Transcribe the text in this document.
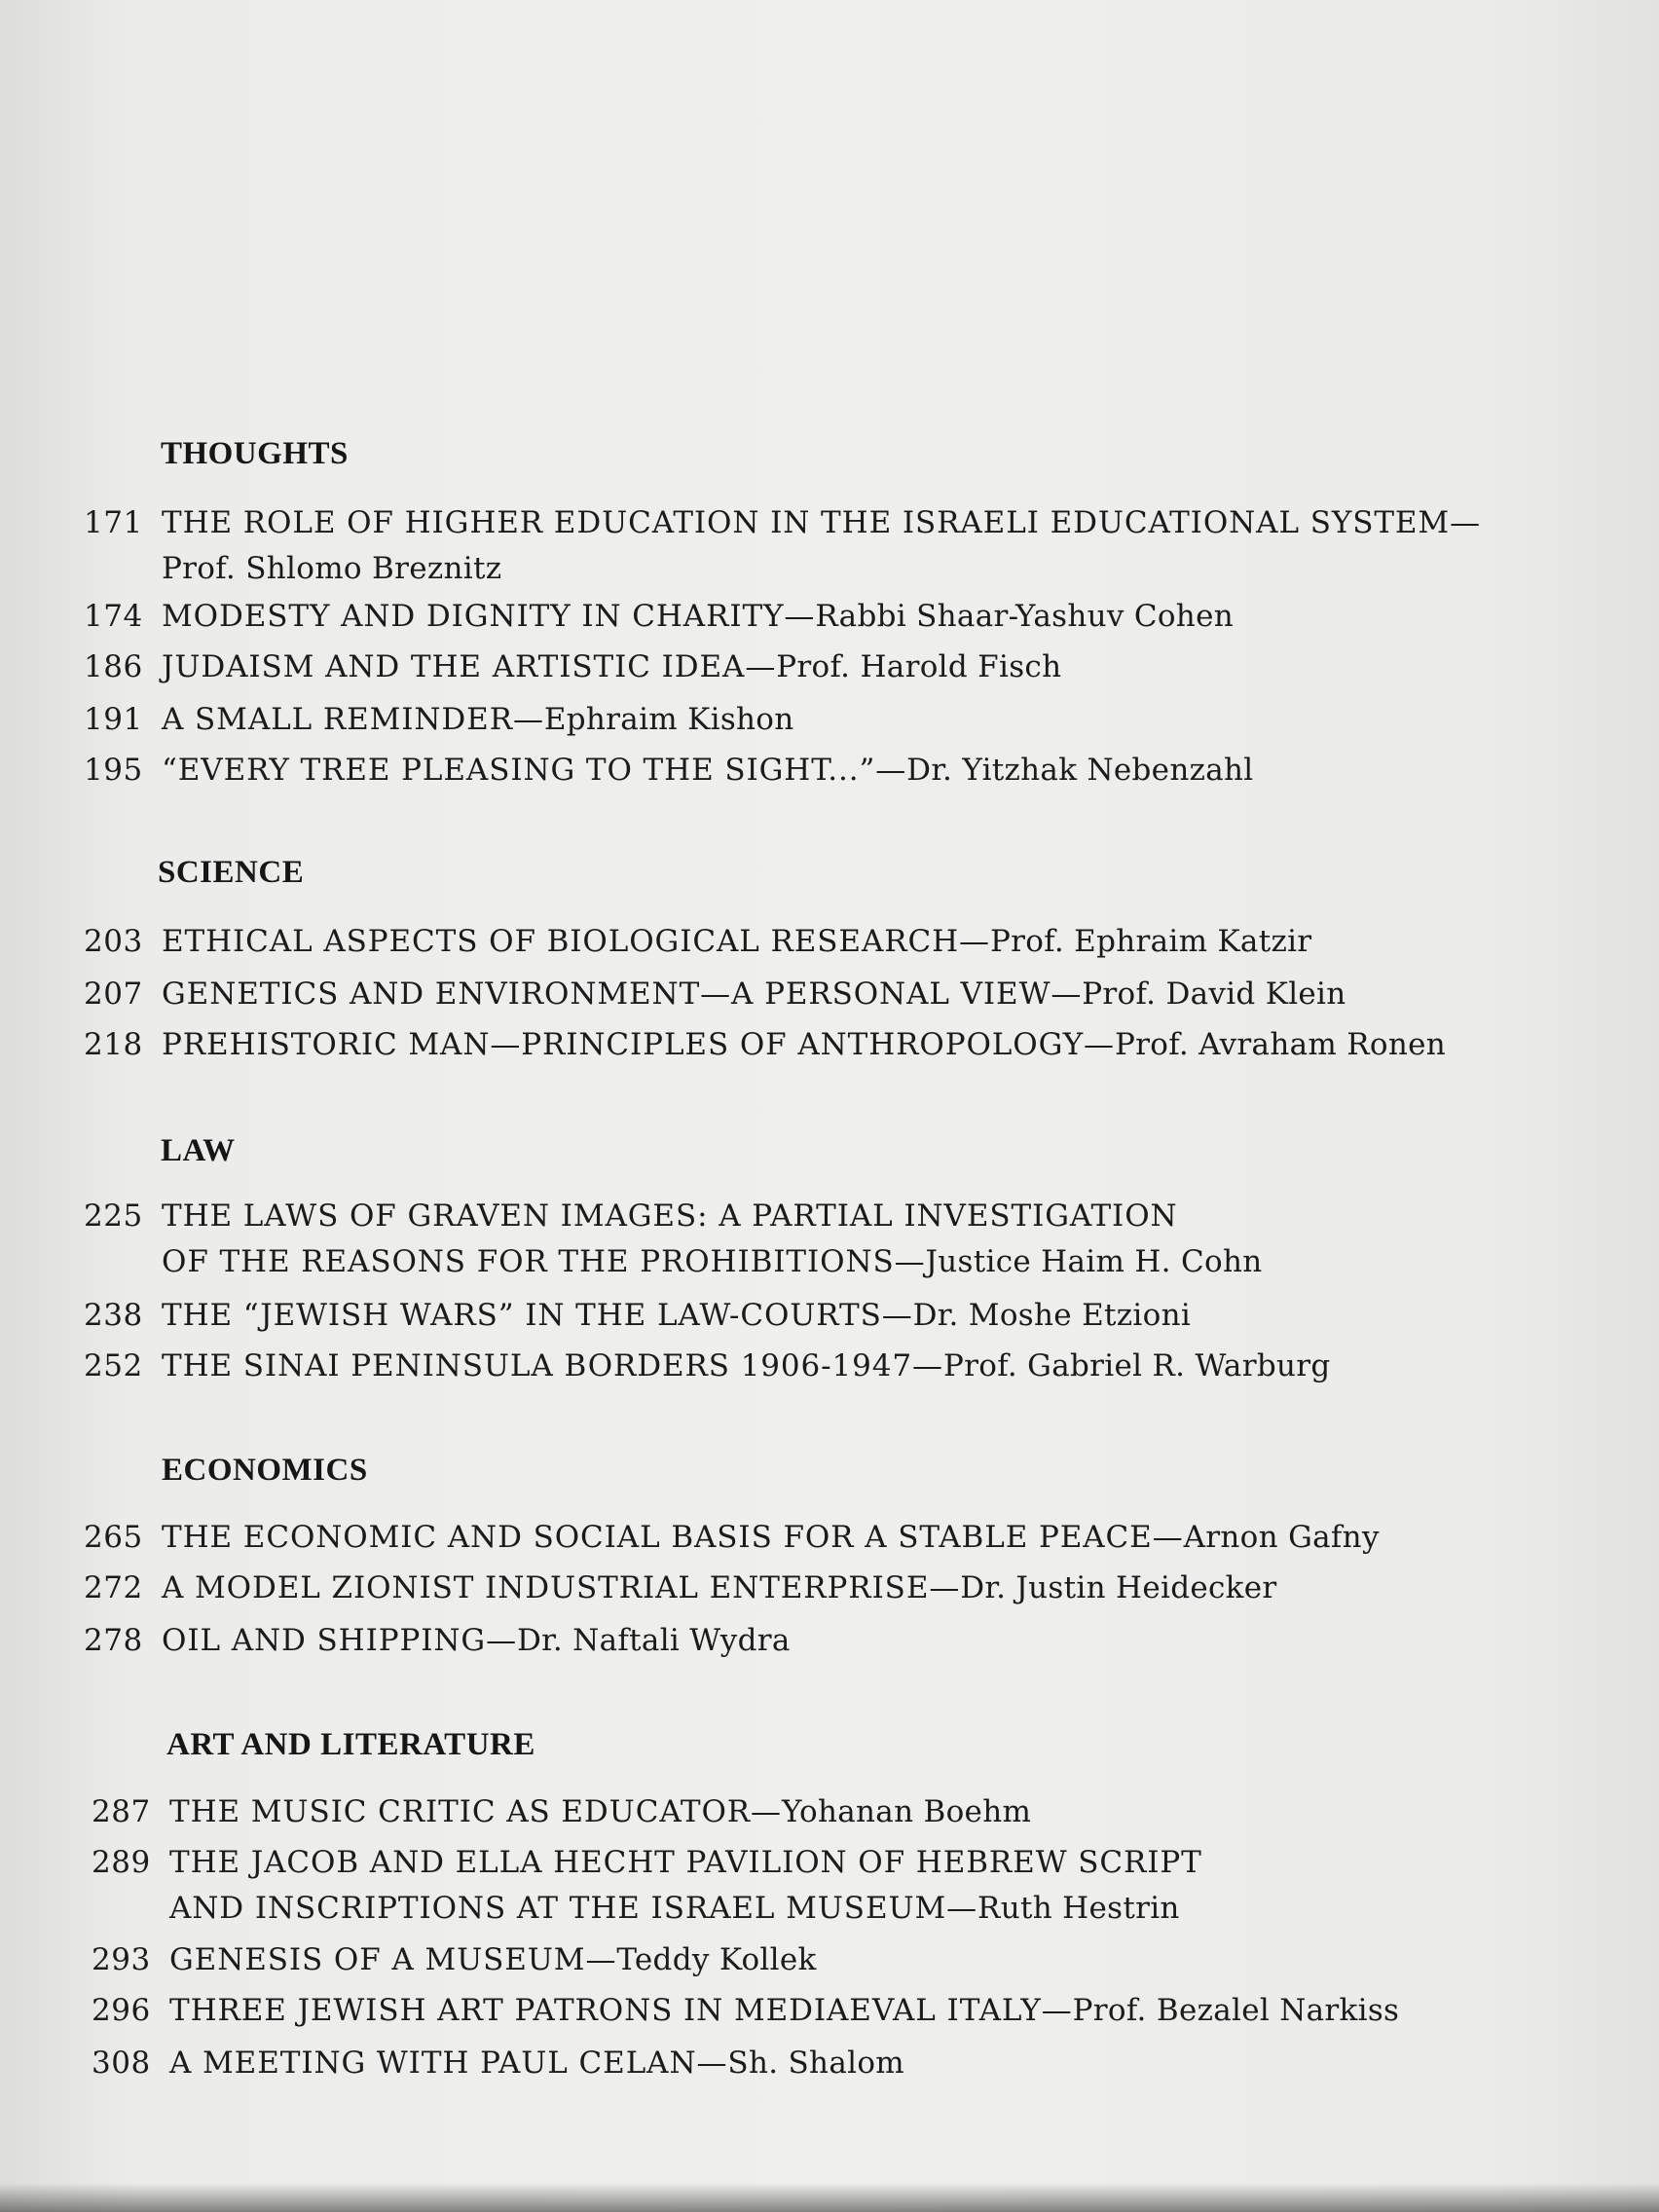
THOUGHTS
171 THE ROLE OF HIGHER EDUCATION IN THE ISRAELI EDUCATIONAL SYSTEM—
Prof. Shlomo Breznitz
174 MODESTY AND DIGNITY IN CHARITY—Rabbi Shaar-Yashuv Cohen
186 JUDAISM AND THE ARTISTIC IDEA—Prof. Harold Fisch
191 A SMALL REMINDER—Ephraim Kishon
195 “EVERY TREE PLEASING TO THE SIGHT...”—Dr. Yitzhak Nebenzahl
SCIENCE
203 ETHICAL ASPECTS OF BIOLOGICAL RESEARCH—Prof. Ephraim Katzir
207 GENETICS AND ENVIRONMENT—A PERSONAL VIEW—Prof. David Klein
218 PREHISTORIC MAN—PRINCIPLES OF ANTHROPOLOGY—Prof. Avraham Ronen
LAW
225 THE LAWS OF GRAVEN IMAGES: A PARTIAL INVESTIGATION
OF THE REASONS FOR THE PROHIBITIONS—Justice Haim H. Cohn
238 THE “JEWISH WARS” IN THE LAW-COURTS—Dr. Moshe Etzioni
252 THE SINAI PENINSULA BORDERS 1906-1947—Prof. Gabriel R. Warburg
ECONOMICS
265 THE ECONOMIC AND SOCIAL BASIS FOR A STABLE PEACE—Arnon Gafny
272 A MODEL ZIONIST INDUSTRIAL ENTERPRISE—Dr. Justin Heidecker
278 OIL AND SHIPPING—Dr. Naftali Wydra
ART AND LITERATURE
287 THE MUSIC CRITIC AS EDUCATOR—Yohanan Boehm
289 THE JACOB AND ELLA HECHT PAVILION OF HEBREW SCRIPT
AND INSCRIPTIONS AT THE ISRAEL MUSEUM—Ruth Hestrin
293 GENESIS OF A MUSEUM—Teddy Kollek
296 THREE JEWISH ART PATRONS IN MEDIAEVAL ITALY—Prof. Bezalel Narkiss
308 A MEETING WITH PAUL CELAN—Sh. Shalom
